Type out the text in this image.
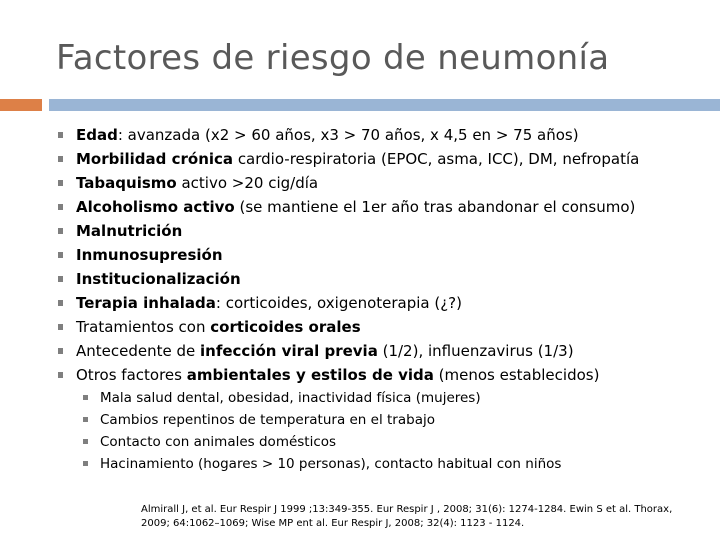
Factores de riesgo de neumonía
Edad: avanzada (x2 > 60 años, x3 > 70 años, x 4,5 en > 75 años)
Morbilidad crónica cardio-respiratoria (EPOC, asma, ICC), DM, nefropatía
Tabaquismo activo >20 cig/día
Alcoholismo activo (se mantiene el 1er año tras abandonar el consumo)
Malnutrición
Inmunosupresión
Institucionalización
Terapia inhalada: corticoides, oxigenoterapia (¿?)
Tratamientos con corticoides orales
Antecedente de infección viral previa (1/2), influenzavirus (1/3)
Otros factores ambientales y estilos de vida (menos establecidos)
Mala salud dental, obesidad, inactividad física (mujeres)
Cambios repentinos de temperatura en el trabajo
Contacto con animales domésticos
Hacinamiento (hogares > 10 personas), contacto habitual con niños
Almirall J, et al. Eur Respir J 1999 ;13:349-355. Eur Respir J , 2008; 31(6): 1274-1284. Ewin S et al. Thorax,
2009; 64:1062–1069; Wise MP ent al. Eur Respir J, 2008; 32(4): 1123 - 1124.
